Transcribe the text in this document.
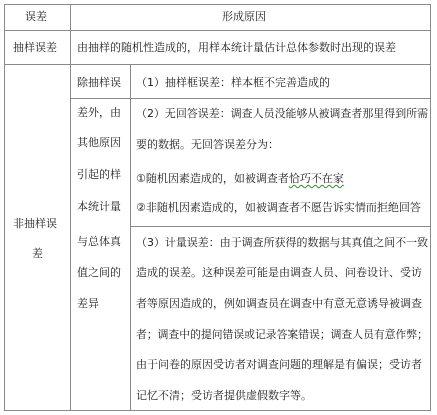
误差	形成原因
抽样误差 由抽样的随机性造成的，用样本统计量估计总体参数时出现的误差
非抽样误
差
除抽样误
差外，由
其他原因
引起的样
本统计量
与总体真
值之间的
差异
（1）抽样框误差：样本框不完善造成的
（2）无回答误差：调查人员没能够从被调查者那里得到所需
要的数据。无回答误差分为：
①随机因素造成的，如被调查者恰巧不在家
②非随机因素造成的，如被调查者不愿告诉实情而拒绝回答
（3）计量误差：由于调查所获得的数据与其真值之间不一致
造成的误差。这种误差可能是由调查人员、问卷设计、受访
者等原因造成的，例如调查员在调查中有意无意诱导被调查
者；调查中的提问错误或记录答案错误；调查人员有意作弊；
由于问卷的原因受访者对调查问题的理解是有偏误；受访者
记忆不清；受访者提供虚假数字等。
